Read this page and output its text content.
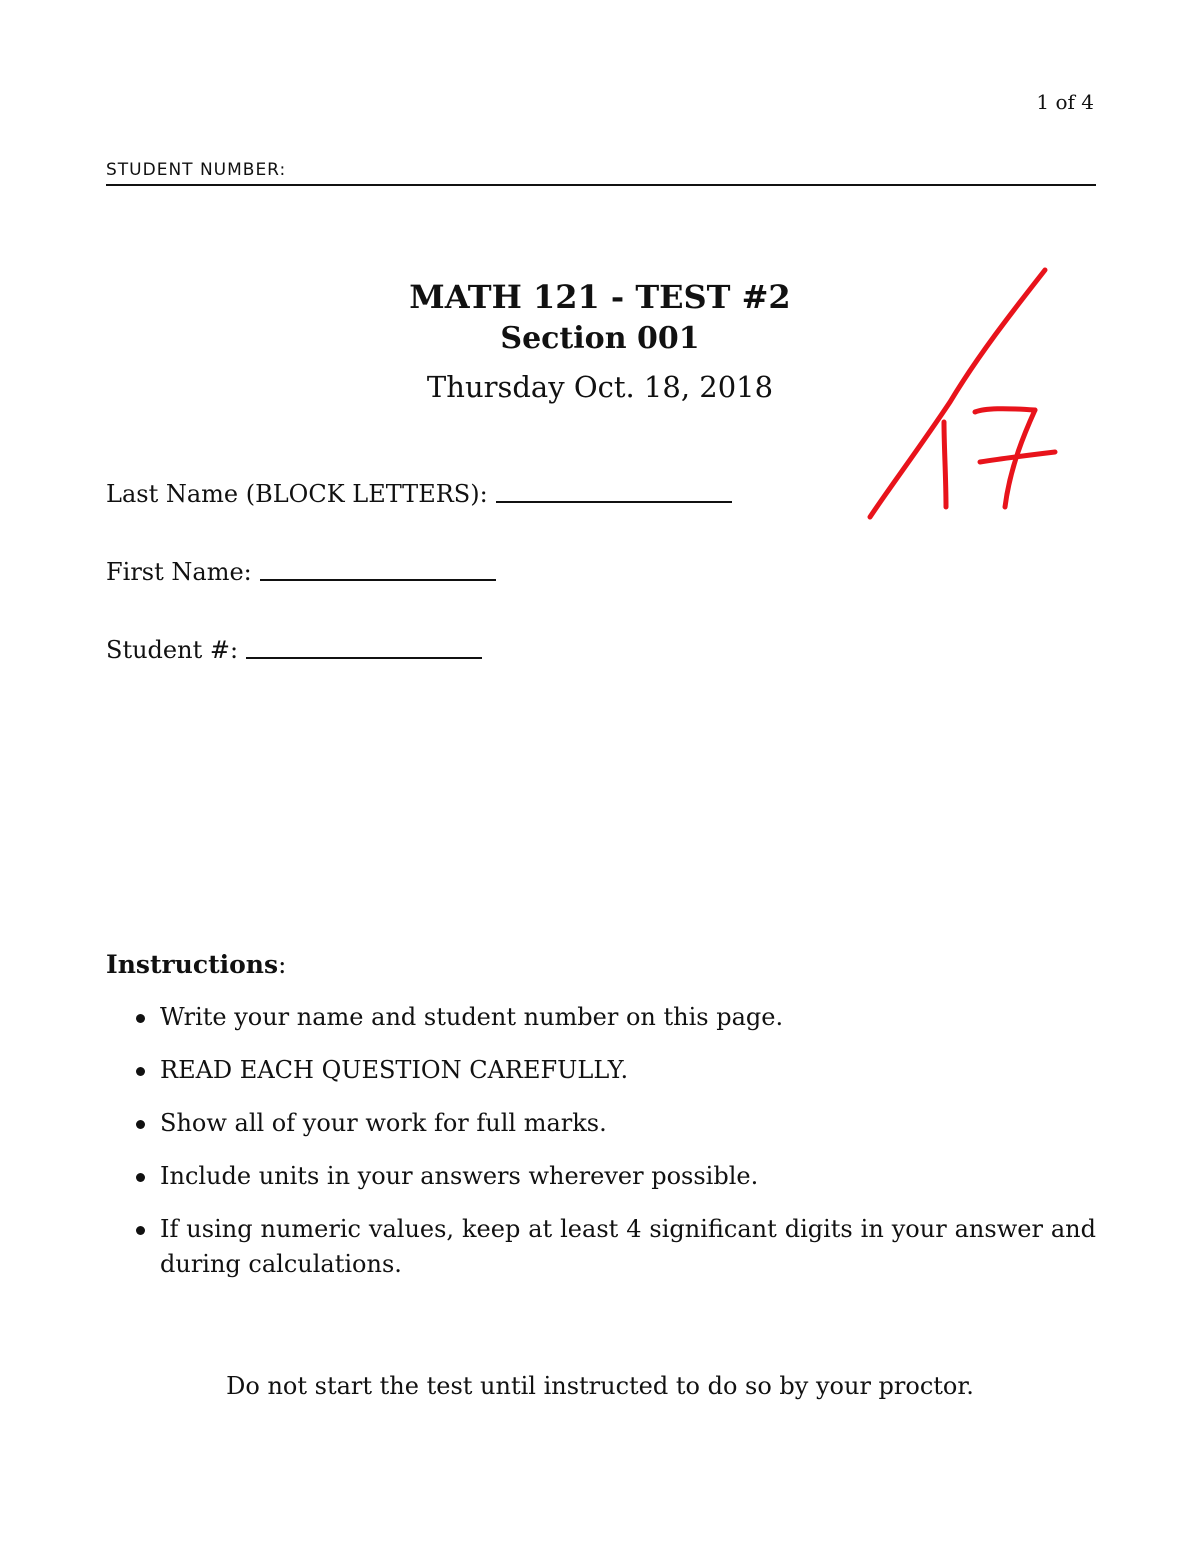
1 of 4
STUDENT NUMBER:
MATH 121 - TEST #2
Section 001
Thursday Oct. 18, 2018
Last Name (BLOCK LETTERS):
First Name:
Student #:
Instructions:
Write your name and student number on this page.
READ EACH QUESTION CAREFULLY.
Show all of your work for full marks.
Include units in your answers wherever possible.
If using numeric values, keep at least 4 significant digits in your answer and during calculations.
Do not start the test until instructed to do so by your proctor.
